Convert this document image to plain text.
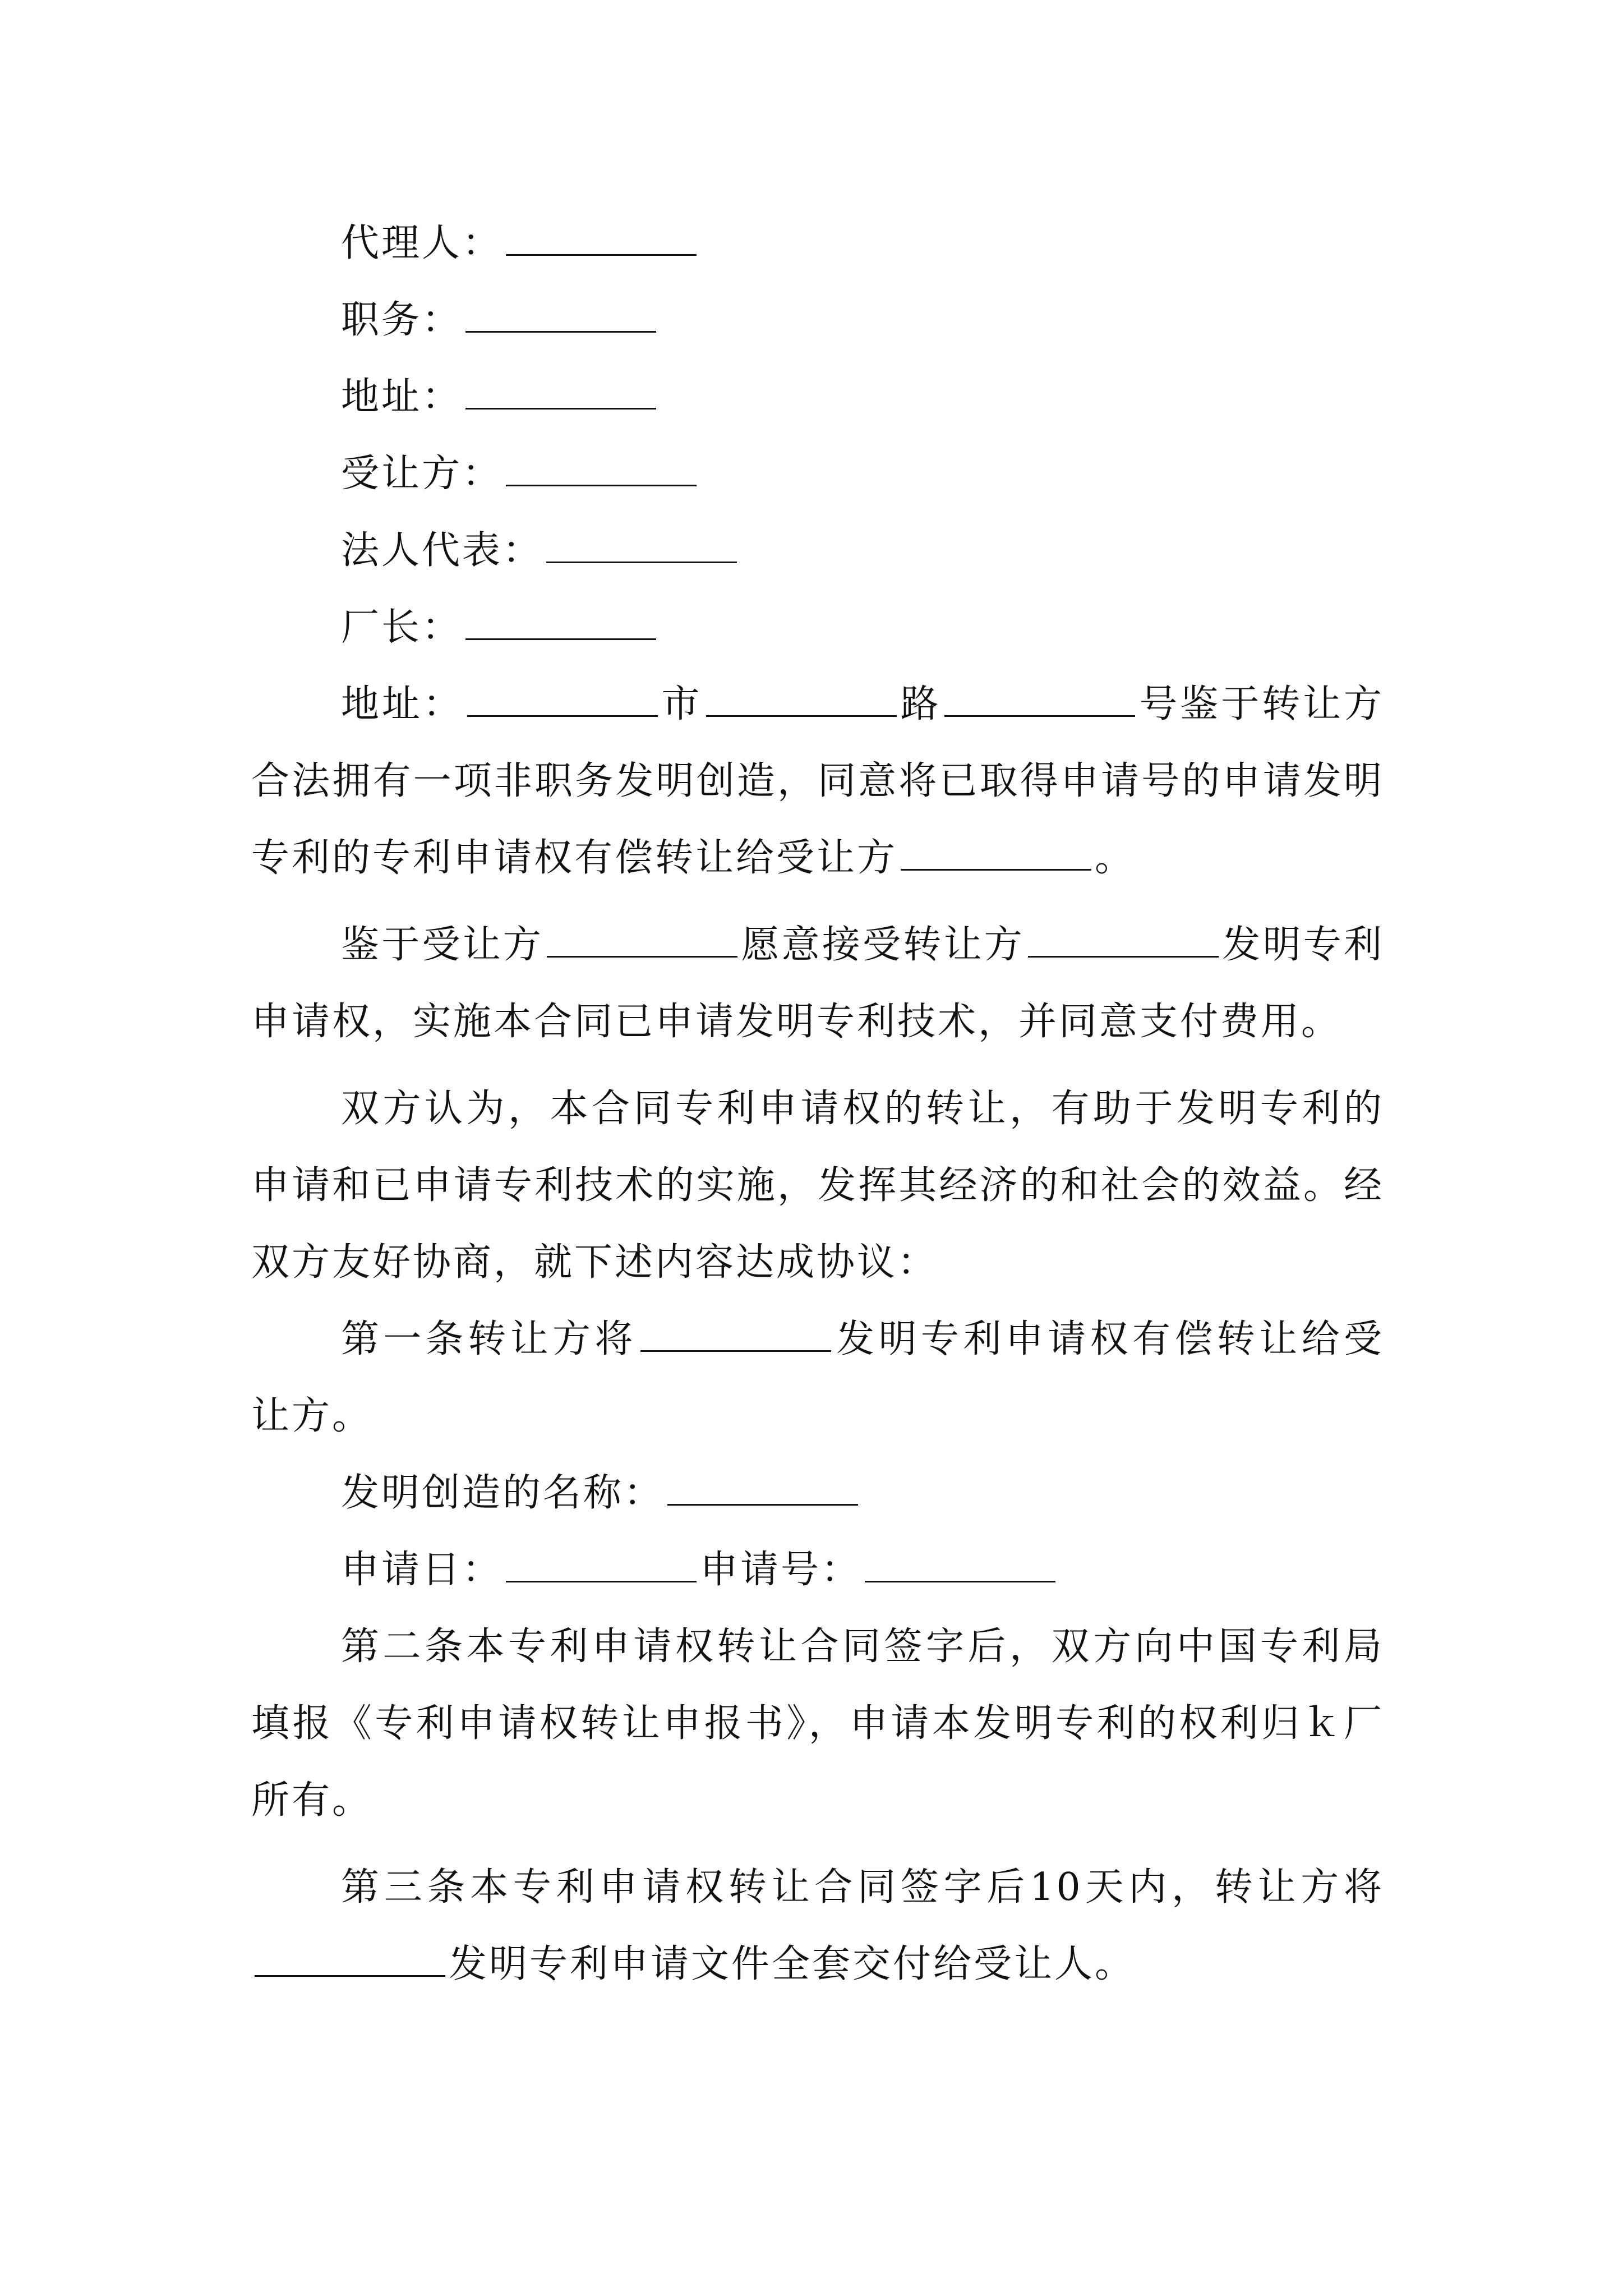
代理人：
职务：
地址：
受让方：
法人代表：
厂长：
地址：	市	路	号鉴于转让方合法拥有一项非职务发明创造，同意将已取得申请号的申请发明专利的专利申请权有偿转让给受让方	。
鉴于受让方	愿意接受转让方	发明专利申请权，实施本合同已申请发明专利技术，并同意支付费用。
双方认为，本合同专利申请权的转让，有助于发明专利的申请和已申请专利技术的实施，发挥其经济的和社会的效益。经双方友好协商，就下述内容达成协议：
第一条转让方将	发明专利申请权有偿转让给受让方。
发明创造的名称：
申请日：	申请号：
第二条本专利申请权转让合同签字后，双方向中国专利局填报《专利申请权转让申报书》，申请本发明专利的权利归ｋ厂所有。
第三条本专利申请权转让合同签字后10天内，转让方将发明专利申请文件全套交付给受让人。
